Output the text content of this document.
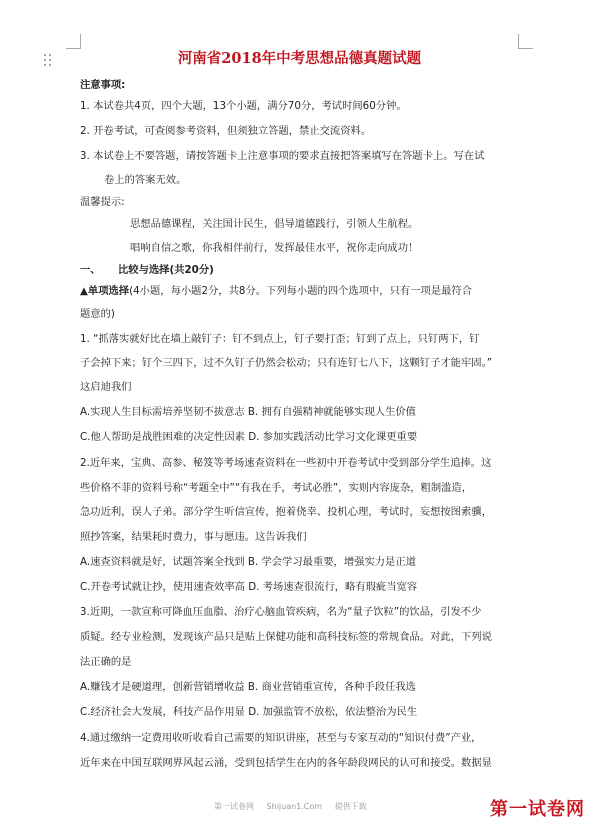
河南省2018年中考思想品德真题试题
注意事项:
1. 本试卷共4页，四个大题，13个小题，满分70分，考试时间60分钟。
2. 开卷考试，可查阅参考资料，但须独立答题，禁止交流资料。
3. 本试卷上不要答题，请按答题卡上注意事项的要求直接把答案填写在答题卡上。写在试
卷上的答案无效。
温馨提示:
思想品德课程，关注国计民生，倡导道德践行，引领人生航程。
唱响自信之歌，你我相伴前行，发挥最佳水平，祝你走向成功！
一、 比较与选择(共20分)
▲单项选择(4小题，每小题2分，共8分。下列每小题的四个选项中，只有一项是最符合
题意的)
1. “抓落实就好比在墙上敲钉子：钉不到点上，钉子要打歪；钉到了点上，只钉两下，钉
子会掉下来；钉个三四下，过不久钉子仍然会松动；只有连钉七八下，这颗钉子才能牢固。”
这启迪我们
A.实现人生目标需培养坚韧不拔意志 B. 拥有自强精神就能够实现人生价值
C.他人帮助是战胜困难的决定性因素 D. 参加实践活动比学习文化课更重要
2.近年来，宝典、高参、秘笈等考场速查资料在一些初中开卷考试中受到部分学生追捧。这
些价格不菲的资料号称“考题全中”“有我在手，考试必胜”，实则内容庞杂，粗制滥造，
急功近利，误人子弟。部分学生听信宣传，抱着侥幸、投机心理，考试时，妄想按图索骥，
照抄答案，结果耗时费力，事与愿违。这告诉我们
A.速查资料就是好，试题答案全找到 B. 学会学习最重要，增强实力是正道
C.开卷考试就让抄，使用速查效率高 D. 考场速查很流行，略有瑕疵当宽容
3.近期，一款宣称可降血压血脂、治疗心脑血管疾病，名为“量子饮粒”的饮品，引发不少
质疑。经专业检测，发现该产品只是贴上保健功能和高科技标签的常规食品。对此，下列说
法正确的是
A.赚钱才是硬道理，创新营销增收益 B. 商业营销重宣传，各种手段任我选
C.经济社会大发展，科技产品作用显 D. 加强监管不放松，依法整治为民生
4.通过缴纳一定费用收听收看自己需要的知识讲座，甚至与专家互动的“知识付费”产业，
近年来在中国互联网界风起云涌，受到包括学生在内的各年龄段网民的认可和接受。数据显
第一试卷网 Shijuan1.Com 提供下载	第一试卷网
